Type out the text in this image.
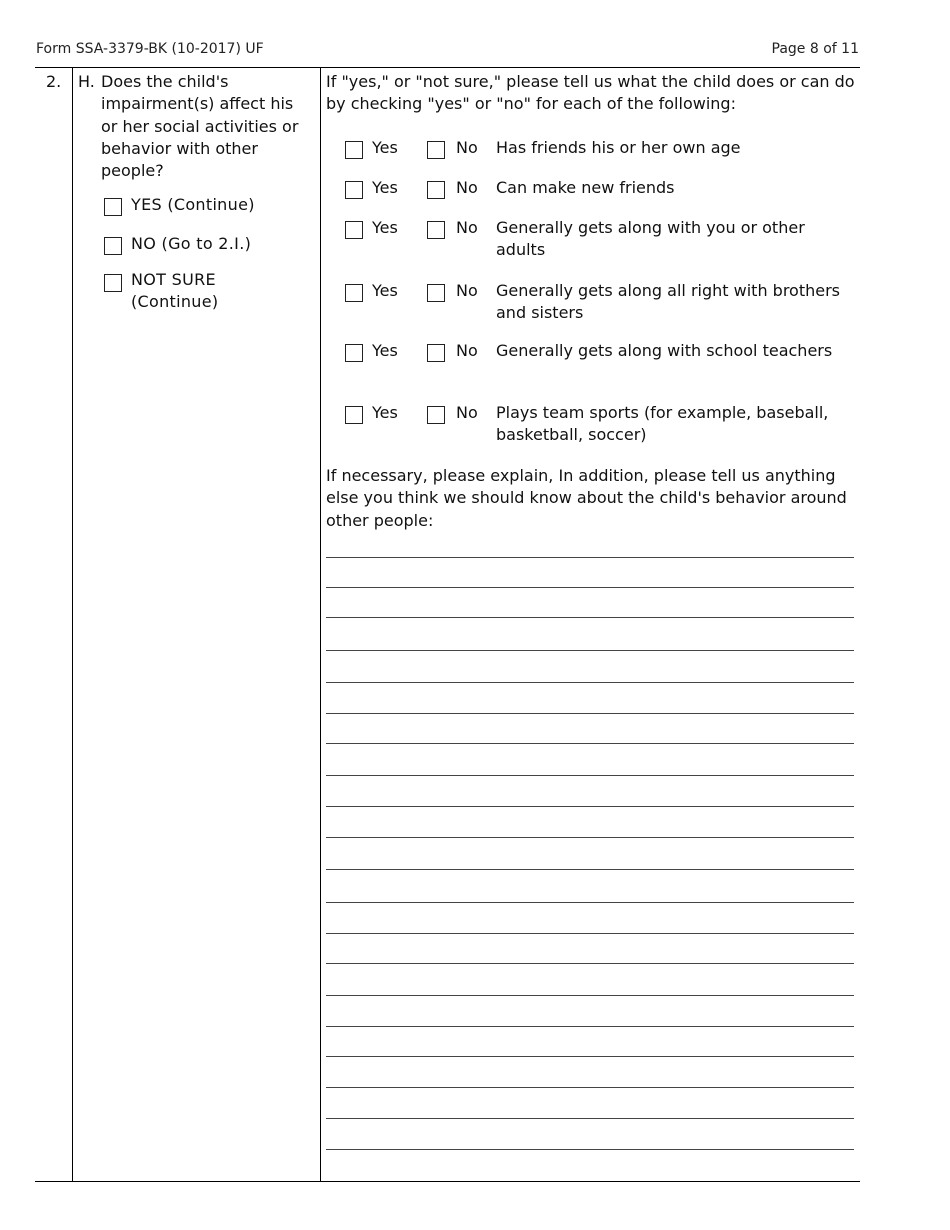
Form SSA-3379-BK (10-2017) UF	Page 8 of 11
2. H. Does the child's impairment(s) affect his or her social activities or behavior with other people?
YES (Continue)
NO (Go to 2.I.)
NOT SURE (Continue)
If "yes," or "not sure," please tell us what the child does or can do by checking "yes" or "no" for each of the following:
Yes	No Has friends his or her own age
Yes	No Can make new friends
Yes	No Generally gets along with you or other adults
Yes	No Generally gets along all right with brothers and sisters
Yes	No Generally gets along with school teachers
Yes	No Plays team sports (for example, baseball, basketball, soccer)
If necessary, please explain, In addition, please tell us anything else you think we should know about the child's behavior around other people:
